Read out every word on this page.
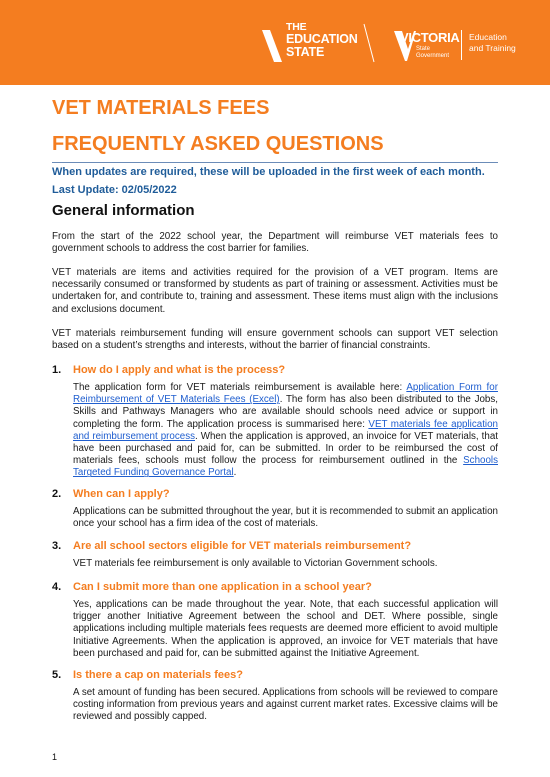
THE
EDUCATION
STATE
VICTORIA
State
Government
Education
and Training
VET MATERIALS FEES
FREQUENTLY ASKED QUESTIONS
When updates are required, these will be uploaded in the first week of each month.
Last Update: 02/05/2022
General information

From the start of the 2022 school year, the Department will reimburse VET materials fees to government schools to address the cost barrier for families.

VET materials are items and activities required for the provision of a VET program. Items are necessarily consumed or transformed by students as part of training or assessment. Activities must be undertaken for, and contribute to, training and assessment. These items must align with the inclusions and exclusions document.

VET materials reimbursement funding will ensure government schools can support VET selection based on a student’s strengths and interests, without the barrier of financial constraints.

1. How do I apply and what is the process?

The application form for VET materials reimbursement is available here: Application Form for Reimbursement of VET Materials Fees (Excel). The form has also been distributed to the Jobs, Skills and Pathways Managers who are available should schools need advice or support in completing the form. The application process is summarised here: VET materials fee application and reimbursement process. When the application is approved, an invoice for VET materials, that have been purchased and paid for, can be submitted. In order to be reimbursed the cost of materials fees, schools must follow the process for reimbursement outlined in the Schools Targeted Funding Governance Portal.

2. When can I apply?

Applications can be submitted throughout the year, but it is recommended to submit an application once your school has a firm idea of the cost of materials.

3. Are all school sectors eligible for VET materials reimbursement?

VET materials fee reimbursement is only available to Victorian Government schools.

4. Can I submit more than one application in a school year?

Yes, applications can be made throughout the year. Note, that each successful application will trigger another Initiative Agreement between the school and DET. Where possible, single applications including multiple materials fees requests are deemed more efficient to avoid multiple Initiative Agreements. When the application is approved, an invoice for VET materials that have been purchased and paid for, can be submitted against the Initiative Agreement.

5. Is there a cap on materials fees?

A set amount of funding has been secured. Applications from schools will be reviewed to compare costing information from previous years and against current market rates. Excessive claims will be reviewed and possibly capped.

1
